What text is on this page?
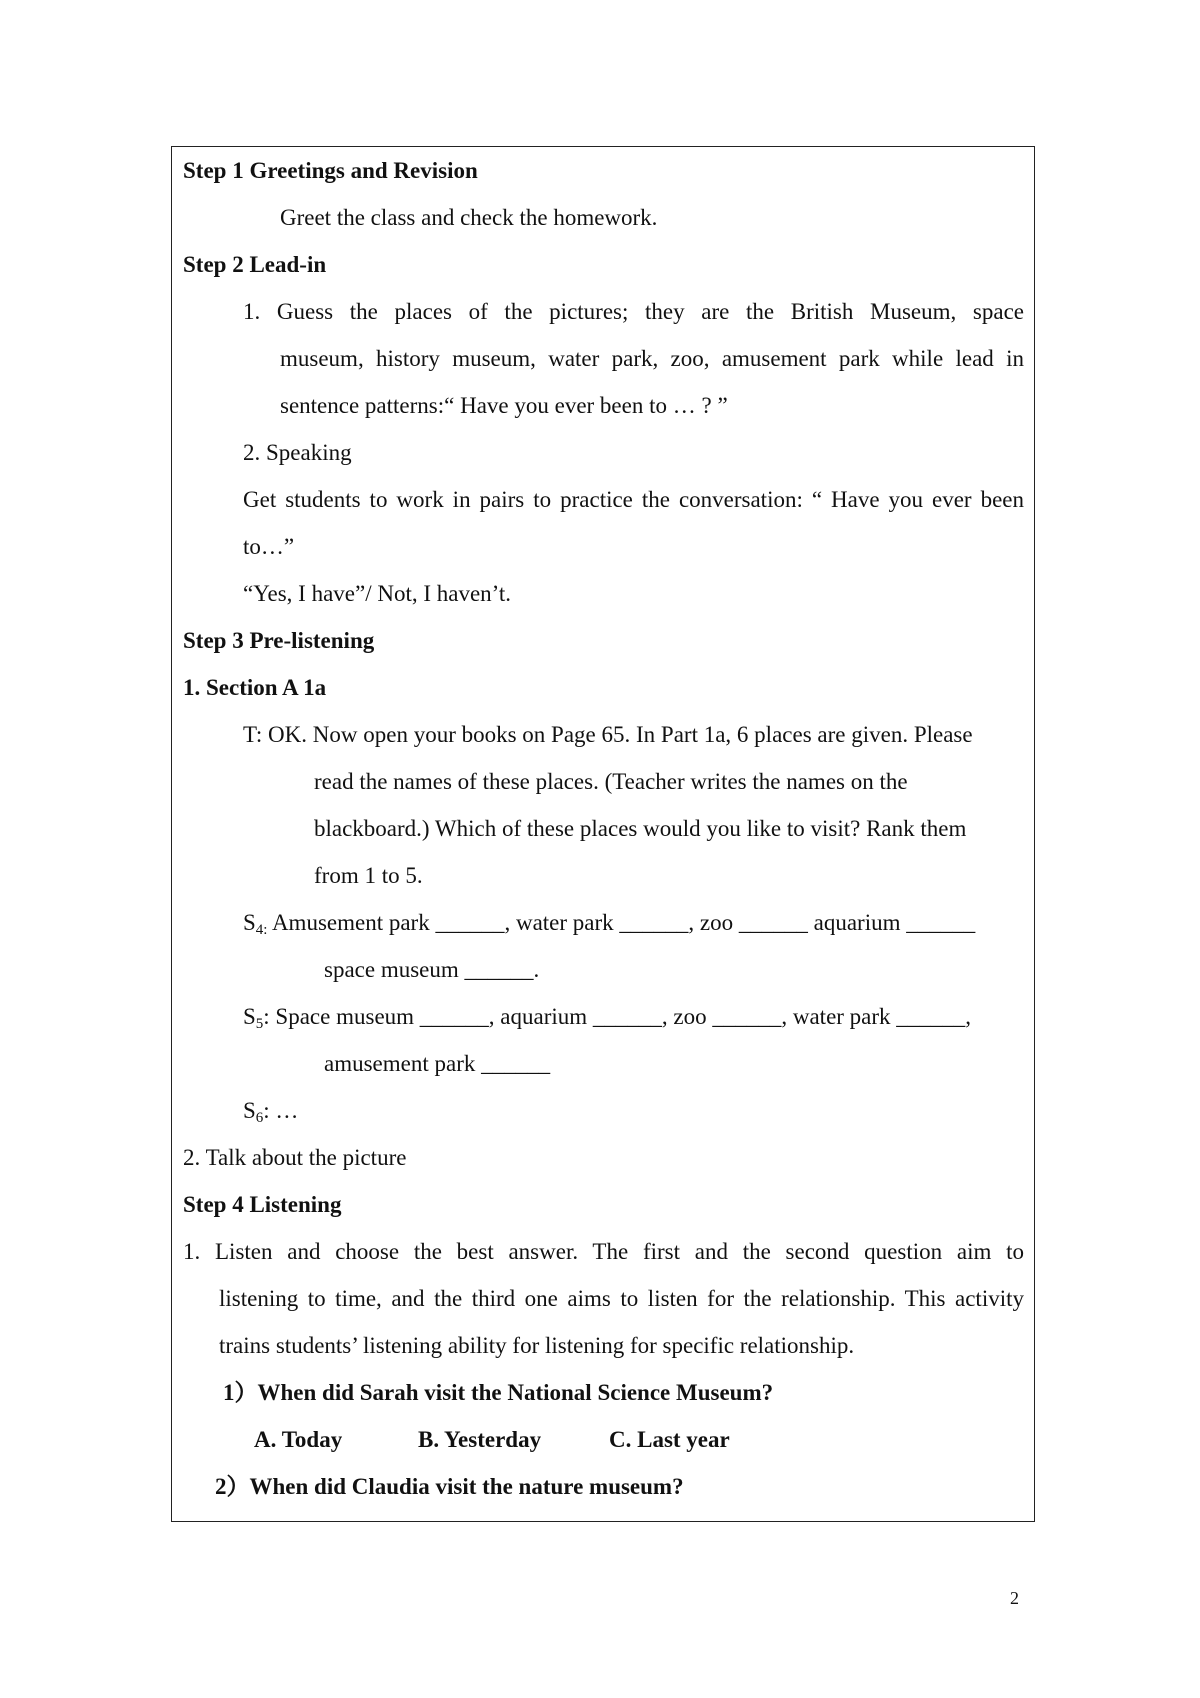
Step 1 Greetings and Revision
Greet the class and check the homework.
Step 2 Lead-in
1. Guess the places of the pictures; they are the British Museum, space
museum, history museum, water park, zoo, amusement park while lead in
sentence patterns:“ Have you ever been to … ? ”
2. Speaking
Get students to work in pairs to practice the conversation: “ Have you ever been
to…”
“Yes, I have”/ Not, I haven’t.
Step 3 Pre-listening
1. Section A 1a
T: OK. Now open your books on Page 65. In Part 1a, 6 places are given. Please
read the names of these places. (Teacher writes the names on the
blackboard.) Which of these places would you like to visit? Rank them
from 1 to 5.
$S_{4:}$ Amusement park ______, water park ______, zoo ______ aquarium ______
space museum ______.
$S_5$: Space museum ______, aquarium ______, zoo ______, water park ______,
amusement park ______
$S_6$: …
2. Talk about the picture
Step 4 Listening
1. Listen and choose the best answer. The first and the second question aim to
listening to time, and the third one aims to listen for the relationship. This activity
trains students’ listening ability for listening for specific relationship.
1）When did Sarah visit the National Science Museum?
A. Today	B. Yesterday	C. Last year
2）When did Claudia visit the nature museum?
2
